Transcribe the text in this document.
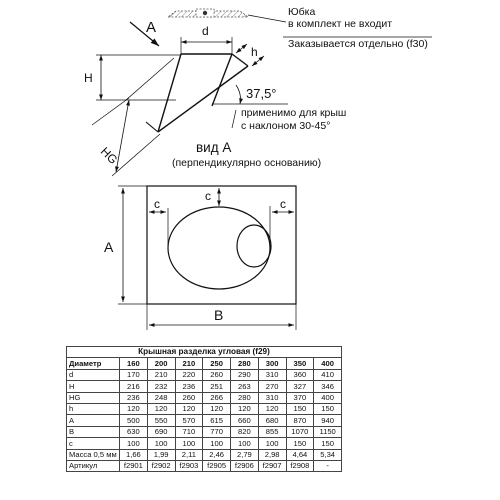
Юбка
в комплект не входит
Заказывается отдельно (f30)
A	d
h
H
HG
37,5°
применимо для крыш
с наклоном 30-45°
вид A
(перпендикулярно основанию)
c
c
c
A
B
Крышная разделка угловая (f29)								
Диаметр	160	200	210	250	280	300	350	400
d	170	210	220	260	290	310	360	410
H	216	232	236	251	263	270	327	346
HG	236	248	260	266	280	310	370	400
h	120	120	120	120	120	120	150	150
A	500	550	570	615	660	680	870	940
B	630	690	710	770	820	855	1070	1150
c	100	100	100	100	100	100	150	150
Масса 0,5 мм	1,66	1,99	2,11	2,46	2,79	2,98	4,64	5,34
Артикул	f2901	f2902	f2903	f2905	f2906	f2907	f2908	-
